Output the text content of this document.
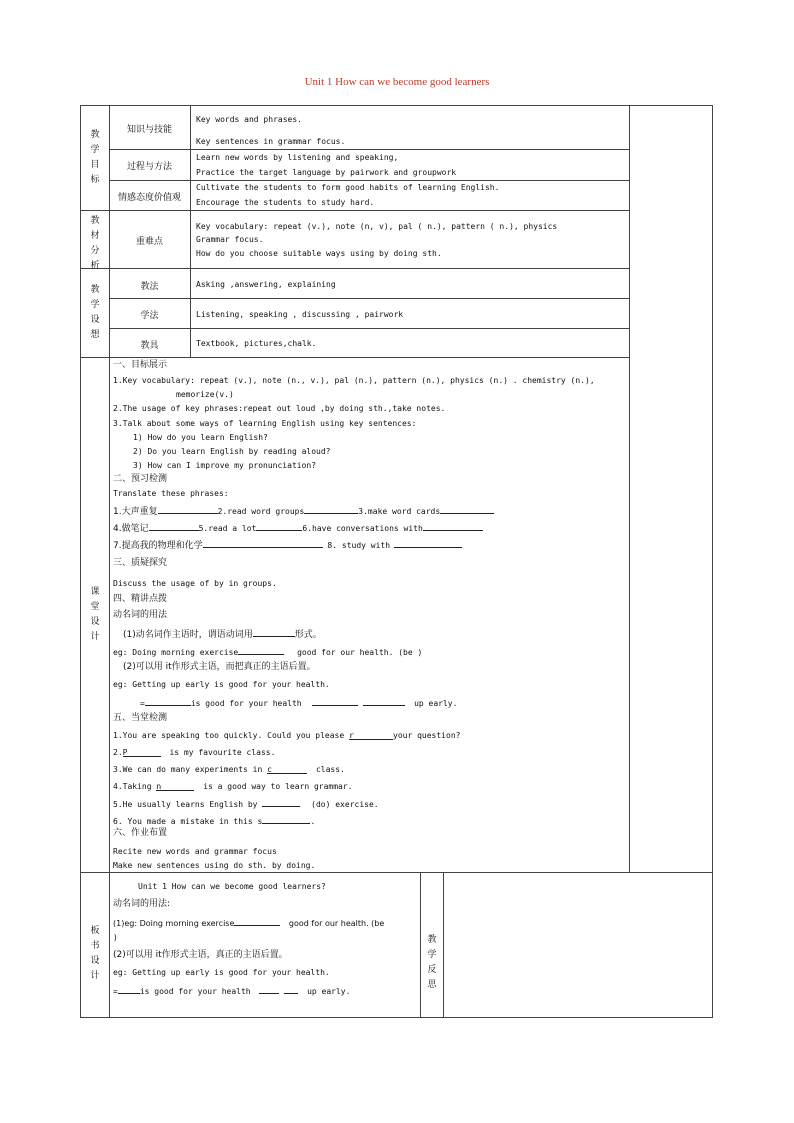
Unit 1 How can we become good learners
教学目标
知识与技能
Key words and phrases.
Key sentences in grammar focus.
过程与方法
Learn new words by listening and speaking,
Practice the target language by pairwork and groupwork
情感态度价值观
Cultivate the students to form good habits of learning English.
Encourage the students to study hard.
教材分析
重难点
Key vocabulary: repeat (v.), note (n, v), pal ( n.), pattern ( n.), physics
Grammar focus.
How do you choose suitable ways using by doing sth.
教学设想
教法	Asking ,answering, explaining
学法	Listening, speaking , discussing , pairwork
教具	Textbook, pictures,chalk.
课堂设计
一、目标展示
1.Key vocabulary: repeat (v.), note (n., v.), pal (n.), pattern (n.), physics (n.) . chemistry (n.),
memorize(v.)
2.The usage of key phrases:repeat out loud ,by doing sth.,take notes.
3.Talk about some ways of learning English using key sentences:
1) How do you learn English?
2) Do you learn English by reading aloud?
3) How can I improve my pronunciation?
二、预习检测
Translate these phrases:
1.大声重复	2.read word groups	3.make word cards
4.做笔记	5.read a lot	6.have conversations with
7.提高我的物理和化学	8. study with
三、质疑探究
Discuss the usage of by in groups.
四、精讲点拨
动名词的用法
(1)动名词作主语时，谓语动词用	形式。
eg: Doing morning exercise	good for our health. (be )
(2)可以用 it作形式主语，而把真正的主语后置。
eg: Getting up early is good for your health.
=	is good for your health	up early.
五、当堂检测
1.You are speaking too quickly. Could you please r	your question?
2.P	is my favourite class.
3.We can do many experiments in c	class.
4.Taking n	is a good way to learn grammar.
5.He usually learns English by	(do) exercise.
6. You made a mistake in this s	.
六、作业布置
Recite new words and grammar focus
Make new sentences using do sth. by doing.
板书设计
Unit 1 How can we become good learners?
动名词的用法:
(1)eg: Doing morning exercise	good for our health. (be
)
(2)可以用 it作形式主语，真正的主语后置。
eg: Getting up early is good for your health.
=	is good for your health	up early.
教学反思
